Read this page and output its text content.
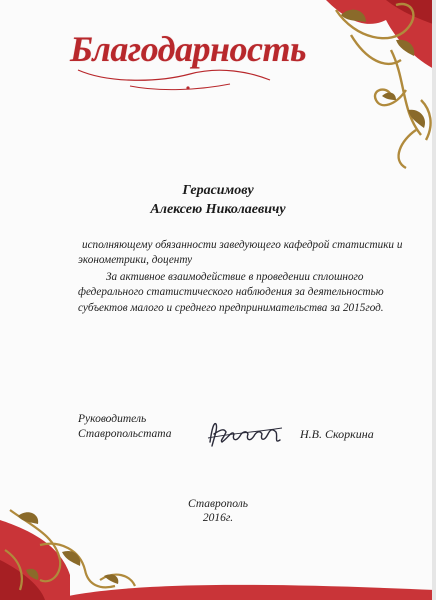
Благодарность
Герасимову
Алексею Николаевичу
исполняющему обязанности заведующего кафедрой статистики и эконометрики, доценту
За активное взаимодействие в проведении сплошного федерального статистического наблюдения за деятельностью субъектов малого и среднего предпринимательства за 2015год.
Руководитель
Ставропольстата	Н.В. Скоркина
Ставрополь
2016г.
